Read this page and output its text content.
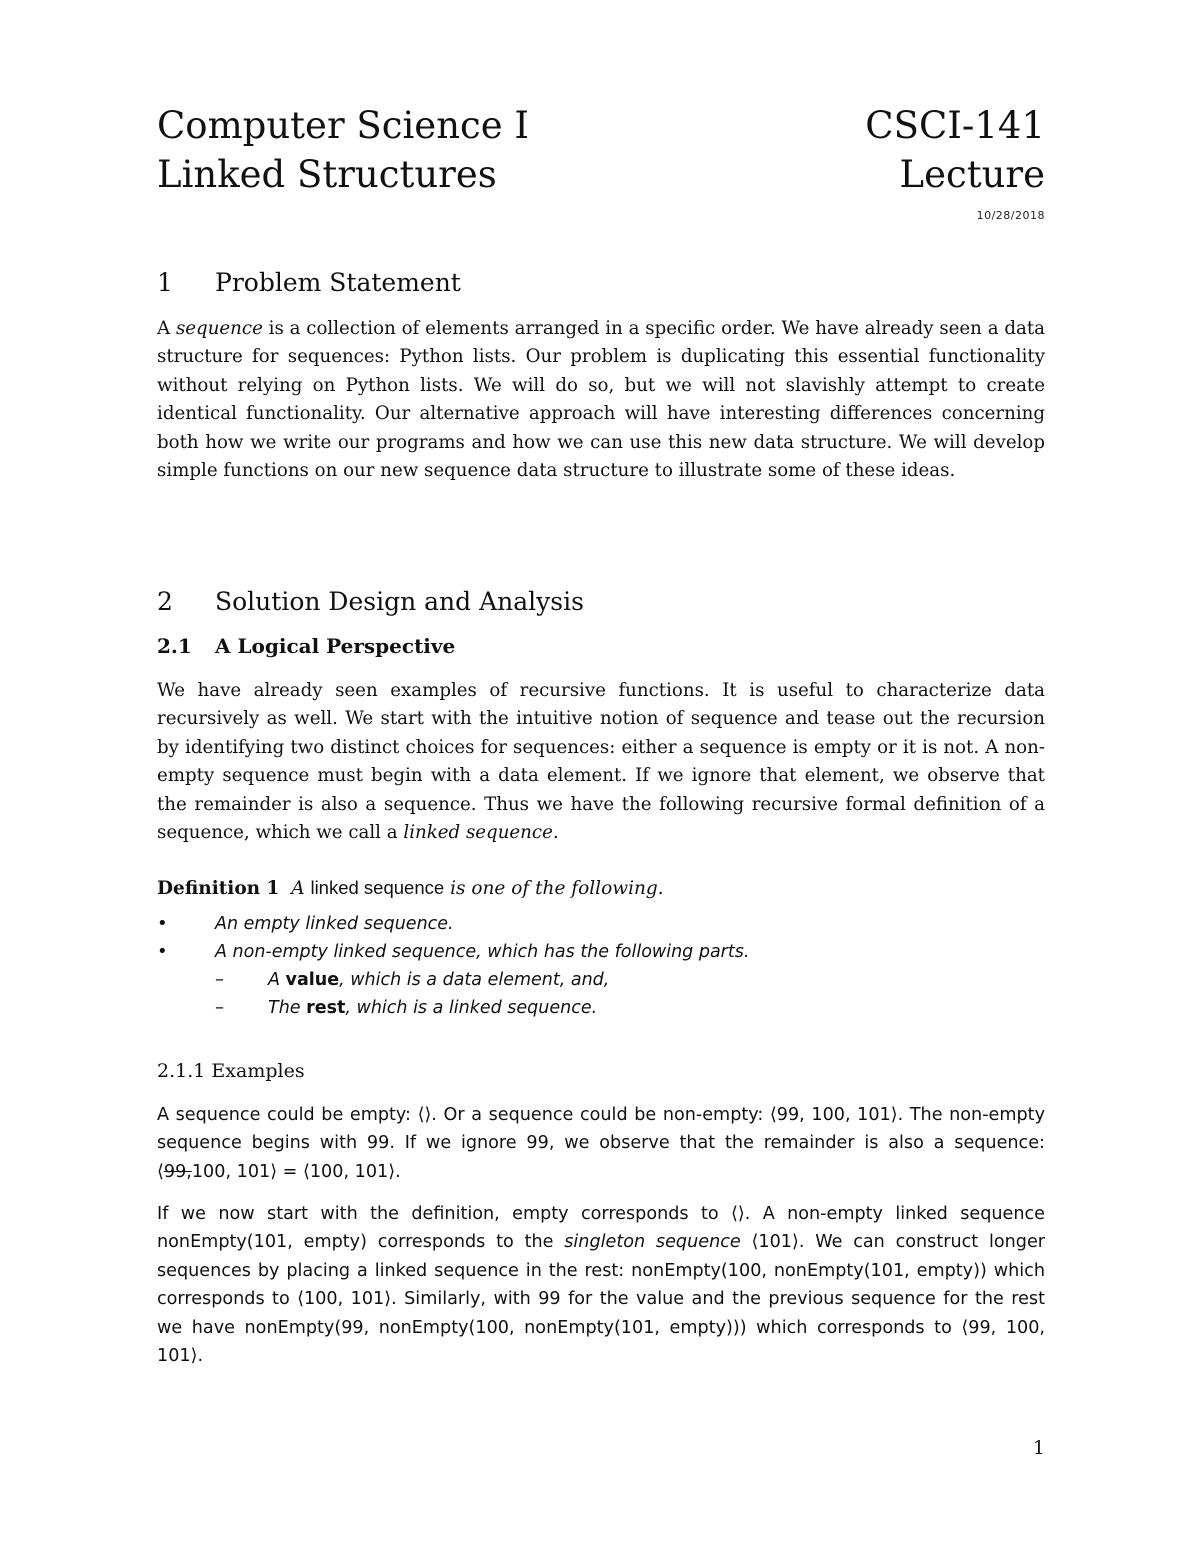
Computer Science I	CSCI-141
Linked Structures	Lecture
10/28/2018
1 Problem Statement
A sequence is a collection of elements arranged in a specific order. We have already seen a data structure for sequences: Python lists. Our problem is duplicating this essential functionality without relying on Python lists. We will do so, but we will not slavishly attempt to create identical functionality. Our alternative approach will have interesting differences concerning both how we write our programs and how we can use this new data structure. We will develop simple functions on our new sequence data structure to illustrate some of these ideas.
2 Solution Design and Analysis
2.1 A Logical Perspective
We have already seen examples of recursive functions. It is useful to characterize data recursively as well. We start with the intuitive notion of sequence and tease out the recursion by identifying two distinct choices for sequences: either a sequence is empty or it is not. A non-empty sequence must begin with a data element. If we ignore that element, we observe that the remainder is also a sequence. Thus we have the following recursive formal definition of a sequence, which we call a linked sequence.
Definition 1 A linked sequence is one of the following.
•	An empty linked sequence.
•	A non-empty linked sequence, which has the following parts.
–	A value, which is a data element, and,
–	The rest, which is a linked sequence.
2.1.1 Examples
A sequence could be empty: ⟨⟩. Or a sequence could be non-empty: ⟨99, 100, 101⟩. The non-empty sequence begins with 99. If we ignore 99, we observe that the remainder is also a sequence: ⟨99,100, 101⟩ = ⟨100, 101⟩.
If we now start with the definition, empty corresponds to ⟨⟩. A non-empty linked sequence nonEmpty(101, empty) corresponds to the singleton sequence ⟨101⟩. We can construct longer sequences by placing a linked sequence in the rest: nonEmpty(100, nonEmpty(101, empty)) which corresponds to ⟨100, 101⟩. Similarly, with 99 for the value and the previous sequence for the rest we have nonEmpty(99, nonEmpty(100, nonEmpty(101, empty))) which corresponds to ⟨99, 100, 101⟩.
1
